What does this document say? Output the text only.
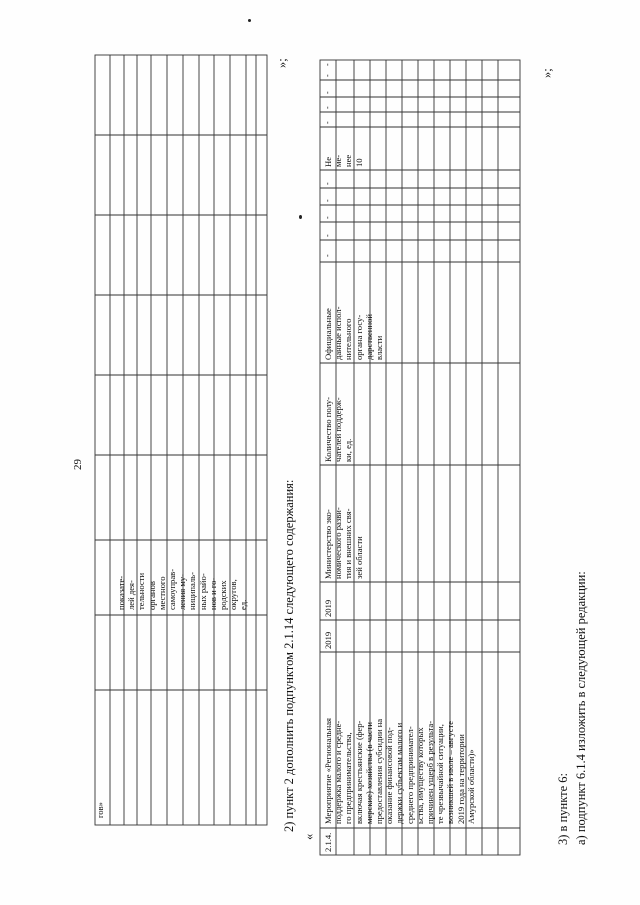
гов»
показате-
лей дея-
тельности
органов
местного
самоуправ-
ления му-
ниципаль-
ных райо-
нов и го-
родских
округов,
ед.
29
»;
2) пункт 2 дополнить подпунктом 2.1.14 следующего содержания:
« 2.1.4.
Мероприятие «Региональная
поддержка малого и средне-
го предпринимательства,
включая крестьянские (фер-
мерские) хозяйства (в части
предоставления субсидии на
оказание финансовой под-
держки субъектам малого и
среднего предпринимател-
ьства, имуществу которых
причинен ущерб в результа-
те чрезвычайной ситуации,
возникшей в июле – августе
2019 года на территории
Амурской области)»
2019
2019
Министерство эко-
номического разви-
тия и внешних свя-
зей области
Количество полу-
чателей поддерж-
ки, ед.
Официальные
данные испол-
нительного
органа госу-
дарственной
власти
-
-
-
-
-
Не
ме-
нее
10
-
-
-
-
-
»;
3) в пункте 6: а) подпункт 6.1.4 изложить в следующей редакции:
